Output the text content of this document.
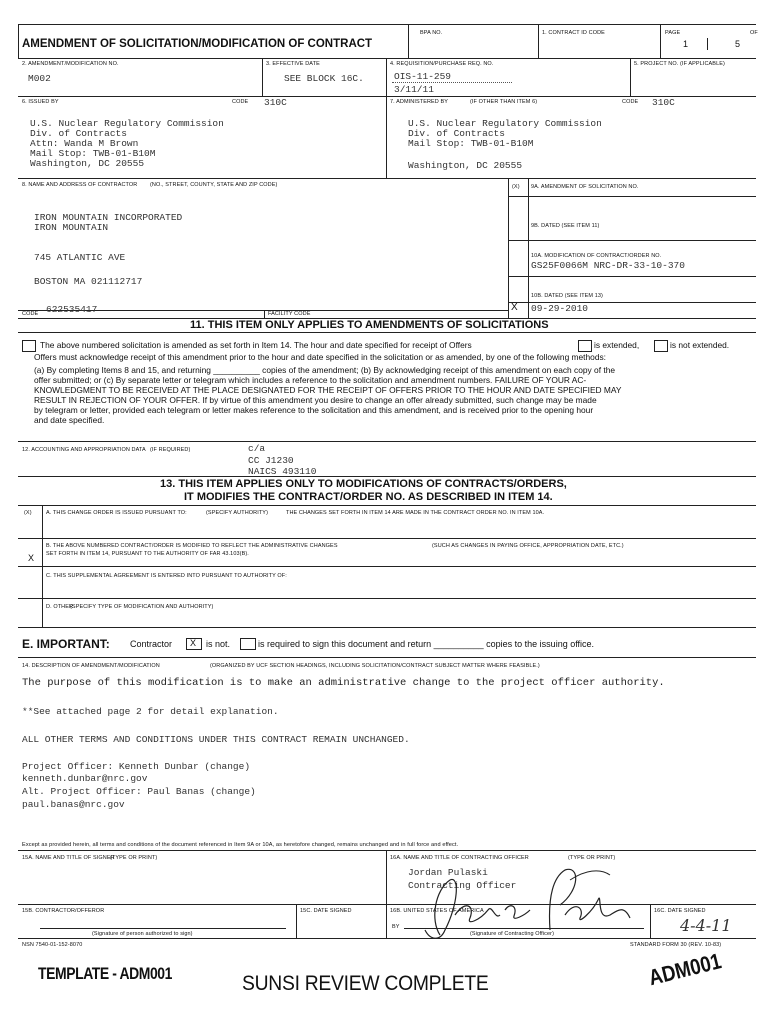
AMENDMENT OF SOLICITATION/MODIFICATION OF CONTRACT
BPA NO.	1. CONTRACT ID CODE	PAGE	OF
1	5
2. AMENDMENT/MODIFICATION NO.
M002
3. EFFECTIVE DATE
SEE BLOCK 16C.
4. REQUISITION/PURCHASE REQ. NO.
OIS-11-259
3/11/11
5. PROJECT NO. (IF APPLICABLE)
6. ISSUED BY	CODE 310C
U.S. Nuclear Regulatory Commission
Div. of Contracts
Attn: Wanda M Brown
Mail Stop: TWB-01-B10M
Washington, DC 20555
7. ADMINISTERED BY	(IF OTHER THAN ITEM 6)	CODE 310C
U.S. Nuclear Regulatory Commission
Div. of Contracts
Mail Stop: TWB-01-B10M
Washington, DC 20555
8. NAME AND ADDRESS OF CONTRACTOR (NO., STREET, COUNTY, STATE AND ZIP CODE)
IRON MOUNTAIN INCORPORATED
IRON MOUNTAIN
745 ATLANTIC AVE
BOSTON MA 021112717
CODE 622535417	FACILITY CODE
(X) 9A. AMENDMENT OF SOLICITATION NO.
9B. DATED (SEE ITEM 11)
10A. MODIFICATION OF CONTRACT/ORDER NO.
GS25F0066M NRC-DR-33-10-370
10B. DATED (SEE ITEM 13)
X 09-29-2010
11. THIS ITEM ONLY APPLIES TO AMENDMENTS OF SOLICITATIONS
The above numbered solicitation is amended as set forth in Item 14. The hour and date specified for receipt of Offers	is extended,	is not extended.
Offers must acknowledge receipt of this amendment prior to the hour and date specified in the solicitation or as amended, by one of the following methods:
(a) By completing Items 8 and 15, and returning __________ copies of the amendment; (b) By acknowledging receipt of this amendment on each copy of the
offer submitted; or (c) By separate letter or telegram which includes a reference to the solicitation and amendment numbers. FAILURE OF YOUR AC-
KNOWLEDGMENT TO BE RECEIVED AT THE PLACE DESIGNATED FOR THE RECEIPT OF OFFERS PRIOR TO THE HOUR AND DATE SPECIFIED MAY
RESULT IN REJECTION OF YOUR OFFER. If by virtue of this amendment you desire to change an offer already submitted, such change may be made
by telegram or letter, provided each telegram or letter makes reference to the solicitation and this amendment, and is received prior to the opening hour
and date specified.
12. ACCOUNTING AND APPROPRIATION DATA (IF REQUIRED)	c/a
CC J1230
NAICS 493110
13. THIS ITEM APPLIES ONLY TO MODIFICATIONS OF CONTRACTS/ORDERS,
IT MODIFIES THE CONTRACT/ORDER NO. AS DESCRIBED IN ITEM 14.
(X)	A. THIS CHANGE ORDER IS ISSUED PURSUANT TO:	(SPECIFY AUTHORITY)	THE CHANGES SET FORTH IN ITEM 14 ARE MADE IN THE CONTRACT ORDER NO. IN ITEM 10A.
B. THE ABOVE NUMBERED CONTRACT/ORDER IS MODIFIED TO REFLECT THE ADMINISTRATIVE CHANGES	(SUCH AS CHANGES IN PAYING OFFICE, APPROPRIATION DATE, ETC.)
SET FORTH IN ITEM 14, PURSUANT TO THE AUTHORITY OF FAR 43.103(B).
X
C. THIS SUPPLEMENTAL AGREEMENT IS ENTERED INTO PURSUANT TO AUTHORITY OF:
D. OTHER
(SPECIFY TYPE OF MODIFICATION AND AUTHORITY)
E. IMPORTANT: Contractor X is not.	is required to sign this document and return __________ copies to the issuing office.
14. DESCRIPTION OF AMENDMENT/MODIFICATION	(ORGANIZED BY UCF SECTION HEADINGS, INCLUDING SOLICITATION/CONTRACT SUBJECT MATTER WHERE FEASIBLE.)
The purpose of this modification is to make an administrative change to the project officer authority.
**See attached page 2 for detail explanation.
ALL OTHER TERMS AND CONDITIONS UNDER THIS CONTRACT REMAIN UNCHANGED.
Project Officer: Kenneth Dunbar (change)
kenneth.dunbar@nrc.gov
Alt. Project Officer: Paul Banas (change)
paul.banas@nrc.gov
Except as provided herein, all terms and conditions of the document referenced in Item 9A or 10A, as heretofore changed, remains unchanged and in full force and effect.
15A. NAME AND TITLE OF SIGNER
(TYPE OR PRINT)	16A. NAME AND TITLE OF CONTRACTING OFFICER	(TYPE OR PRINT)
Jordan Pulaski
Contracting Officer
15B. CONTRACTOR/OFFEROR	15C. DATE SIGNED
(Signature of person authorized to sign)
16B. UNITED STATES OF AMERICA
BY
(Signature of Contracting Officer)
16C. DATE SIGNED
4-4-11
NSN 7540-01-152-8070	STANDARD FORM 30 (REV. 10-83)
TEMPLATE - ADM001	SUNSI REVIEW COMPLETE	ADM001
